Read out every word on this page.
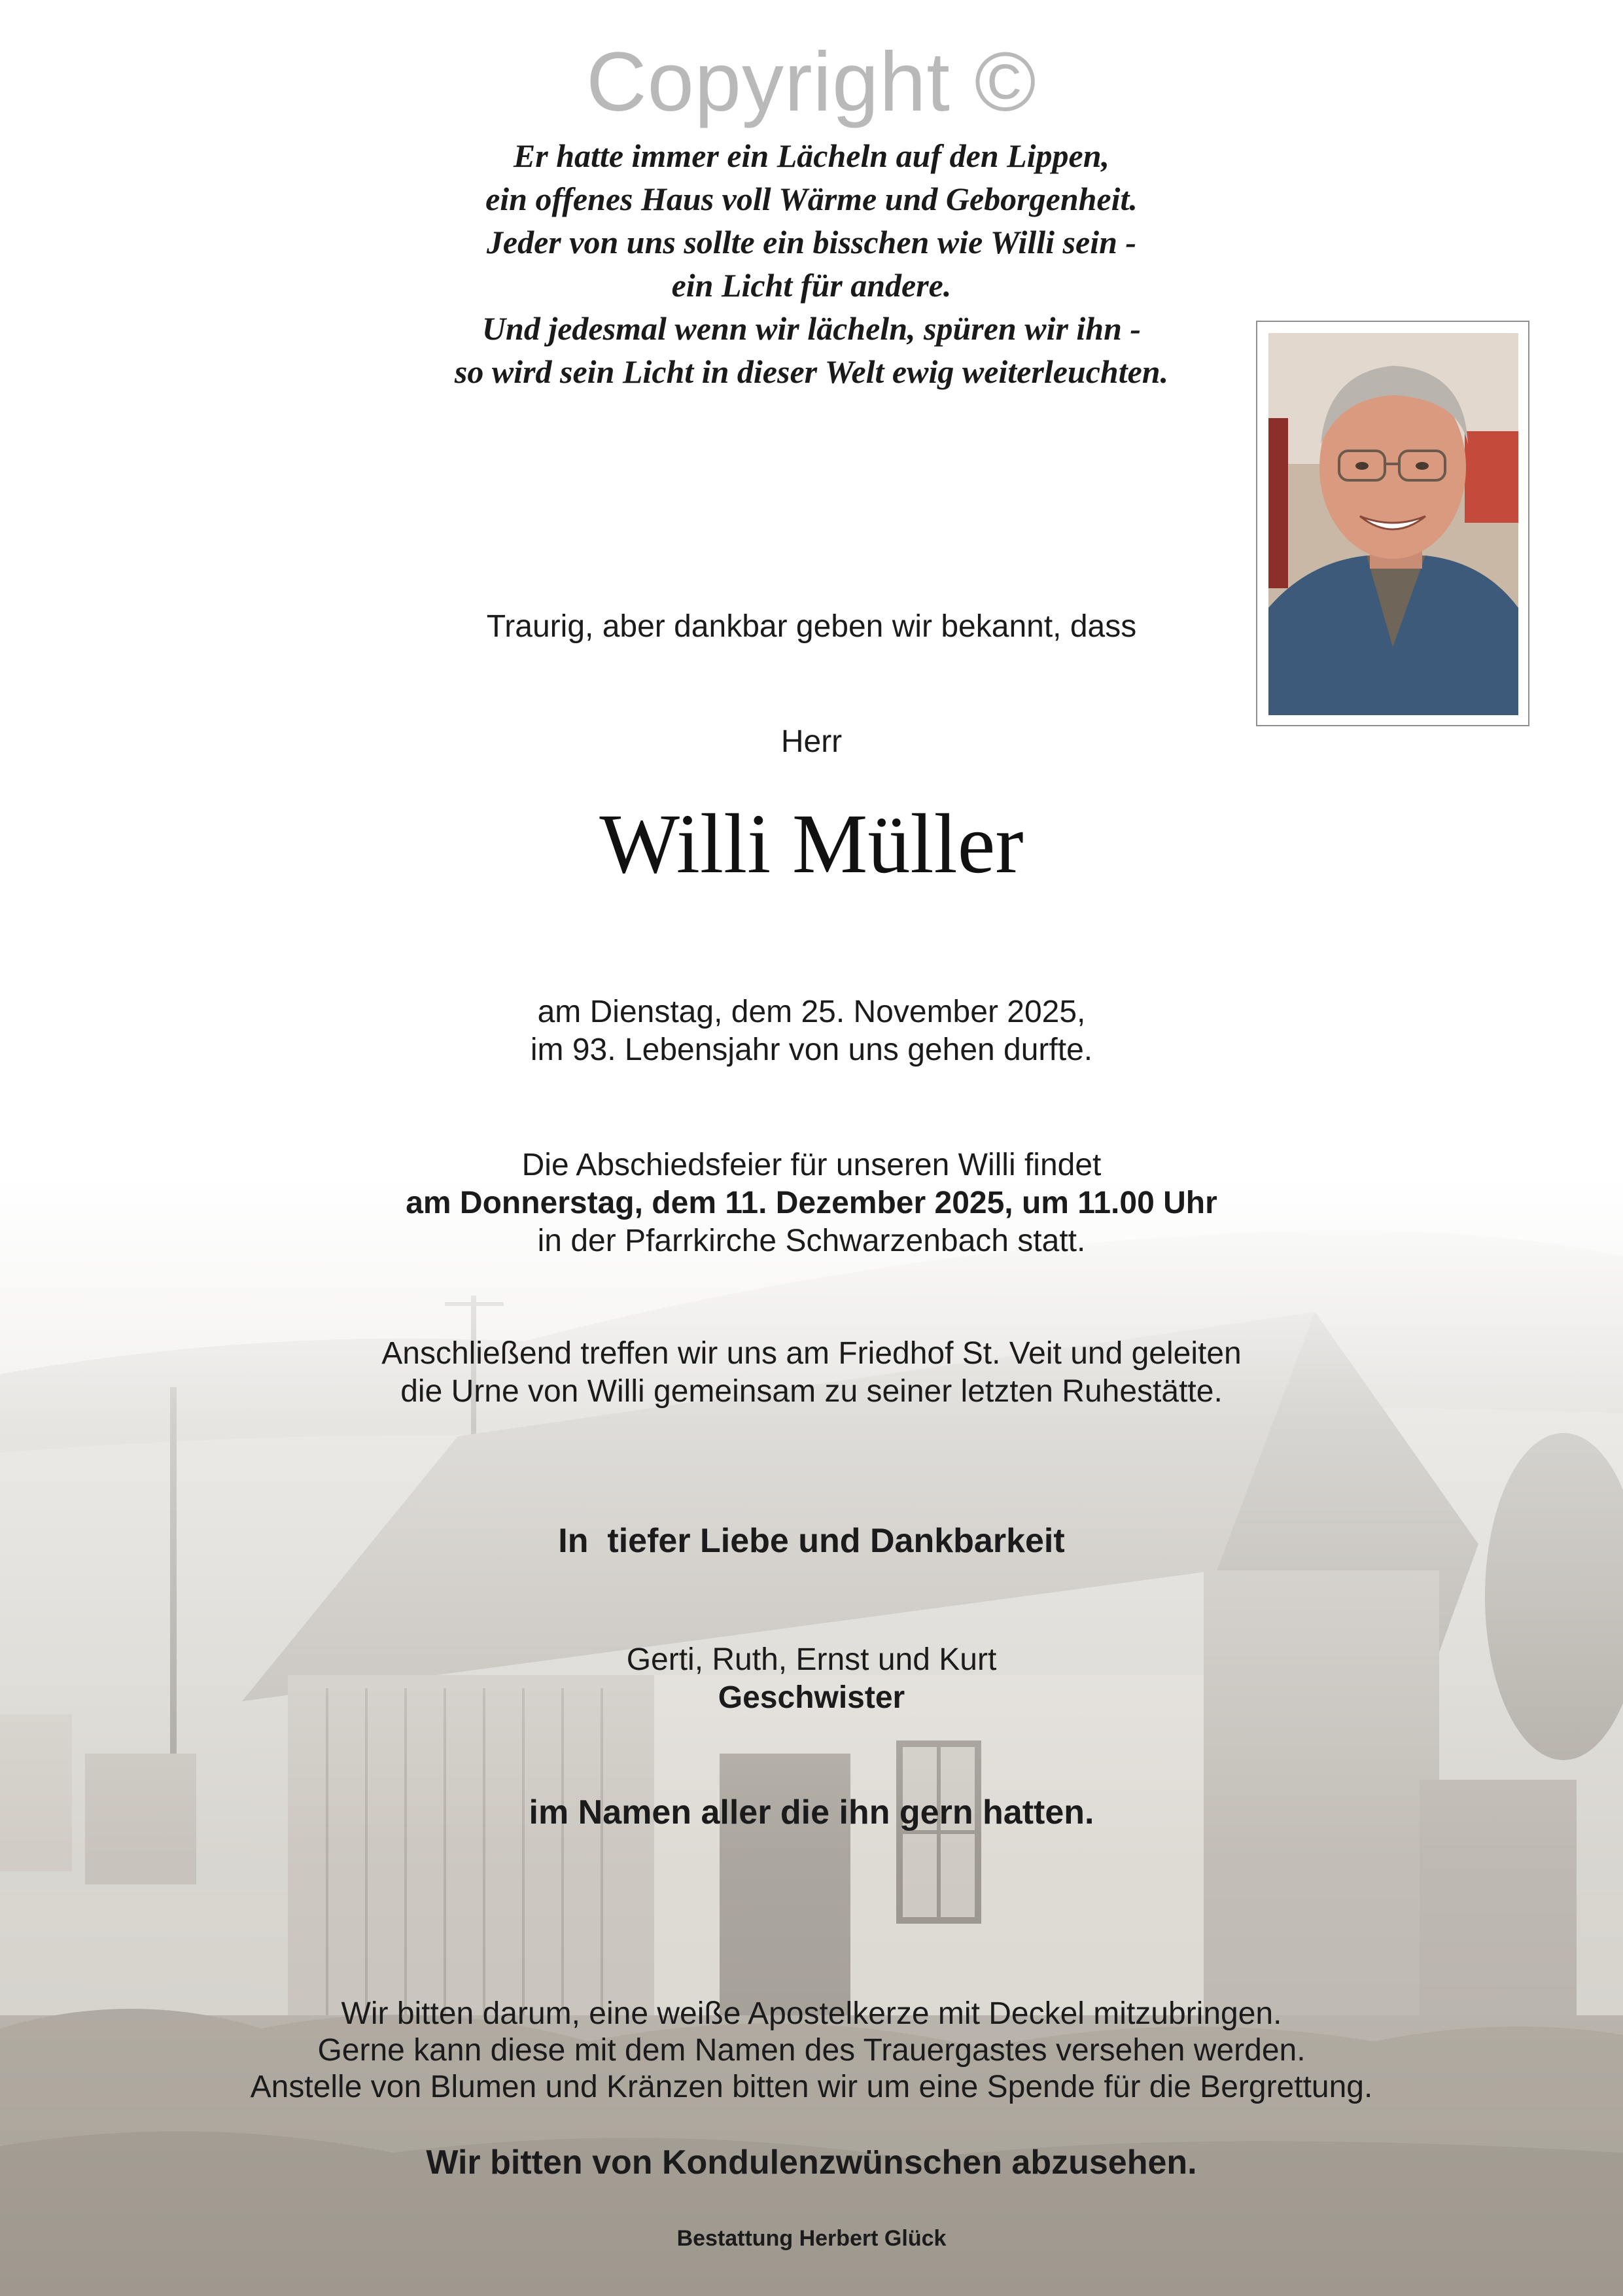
Copyright ©
Er hatte immer ein Lächeln auf den Lippen,
ein offenes Haus voll Wärme und Geborgenheit.
Jeder von uns sollte ein bisschen wie Willi sein -
ein Licht für andere.
Und jedesmal wenn wir lächeln, spüren wir ihn -
so wird sein Licht in dieser Welt ewig weiterleuchten.
Traurig, aber dankbar geben wir bekannt, dass
Herr
Willi Müller
am Dienstag, dem 25. November 2025,
im 93. Lebensjahr von uns gehen durfte.
Die Abschiedsfeier für unseren Willi findet
am Donnerstag, dem 11. Dezember 2025, um 11.00 Uhr
in der Pfarrkirche Schwarzenbach statt.
Anschließend treffen wir uns am Friedhof St. Veit und geleiten
die Urne von Willi gemeinsam zu seiner letzten Ruhestätte.
In  tiefer Liebe und Dankbarkeit
Gerti, Ruth, Ernst und Kurt
Geschwister
im Namen aller die ihn gern hatten.
Wir bitten darum, eine weiße Apostelkerze mit Deckel mitzubringen.
Gerne kann diese mit dem Namen des Trauergastes versehen werden.
Anstelle von Blumen und Kränzen bitten wir um eine Spende für die Bergrettung.
Wir bitten von Kondulenzwünschen abzusehen.
Bestattung Herbert Glück
